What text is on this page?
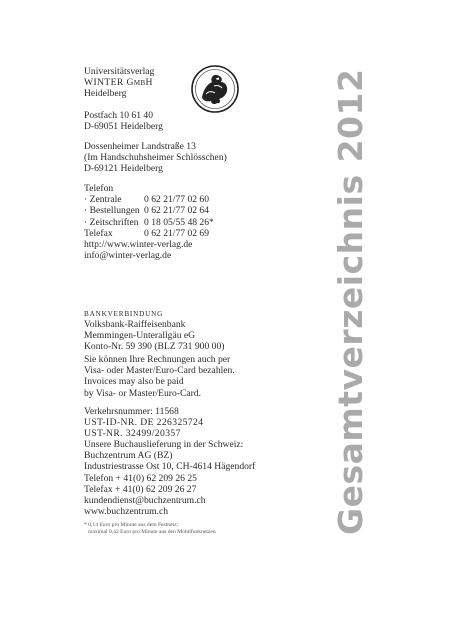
Gesamtverzeichnis 2012
Universitätsverlag
WINTER GmbH
Heidelberg
Postfach 10 61 40
D-69051 Heidelberg
Dossenheimer Landstraße 13
(Im Handschuhsheimer Schlösschen)
D-69121 Heidelberg
Telefon
· Zentrale 0 62 21/77 02 60
· Bestellungen 0 62 21/77 02 64
· Zeitschriften 0 18 05/55 48 26*
Telefax	0 62 21/77 02 69
http://www.winter-verlag.de
info@winter-verlag.de
BANKVERBINDUNG
Volksbank-Raiffeisenbank
Memmingen-Unterallgäu eG
Konto-Nr. 59 390 (BLZ 731 900 00)
Sie können Ihre Rechnungen auch per
Visa- oder Master/Euro-Card bezahlen.
Invoices may also be paid
by Visa- or Master/Euro-Card.
Verkehrsnummer: 11568
UST-ID-NR. DE 226325724
UST-NR. 32499/20357
Unsere Buchauslieferung in der Schweiz:
Buchzentrum AG (BZ)
Industriestrasse Ost 10, CH-4614 Hägendorf
Telefon + 41(0) 62 209 26 25
Telefax + 41(0) 62 209 26 27
kundendienst@buchzentrum.ch
www.buchzentrum.ch
* 0,14 Euro pro Minute aus dem Festnetz;
maximal 0,42 Euro pro Minute aus den Mobilfunknetzen
